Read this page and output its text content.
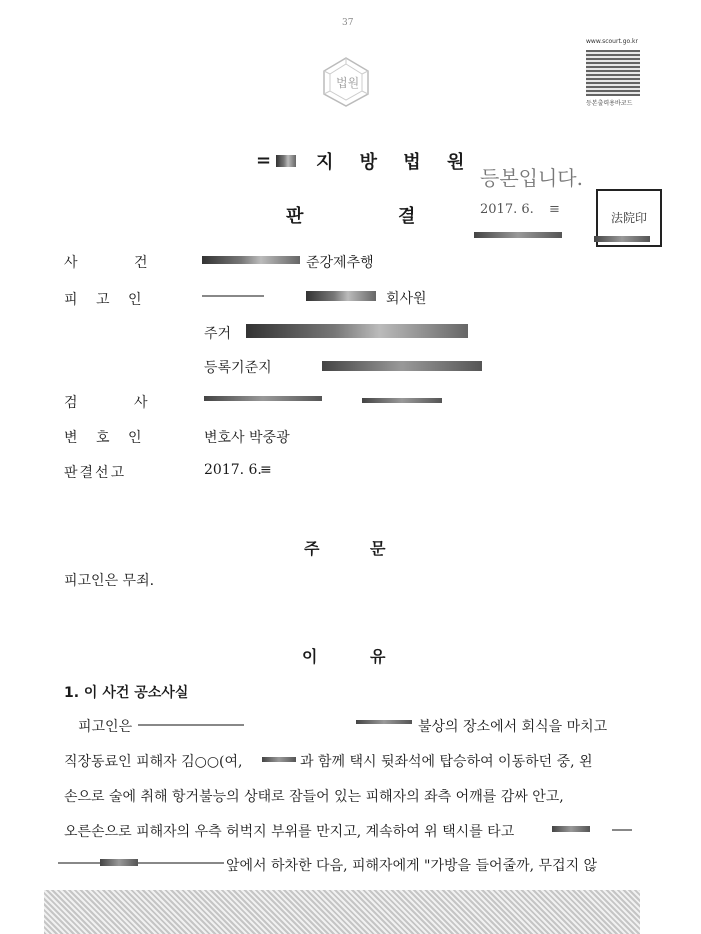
37
www.scourt.go.kr
등본출력용바코드
법원
= 지 방 법 원
등본입니다.
2017. 6. ≡
法院印
판	결
사 건	준강제추행
피 고 인	회사원
주거
등록기준지
검 사
변 호 인	변호사 박중광
판결선고	2017. 6.
≡
주	문
피고인은 무죄.
이	유
1. 이 사건 공소사실
피고인은	불상의 장소에서 회식을 마치고
직장동료인 피해자 김○○(여,	과 함께 택시 뒷좌석에 탑승하여 이동하던 중, 왼
손으로 술에 취해 항거불능의 상태로 잠들어 있는 피해자의 좌측 어깨를 감싸 안고,
오른손으로 피해자의 우측 허벅지 부위를 만지고, 계속하여 위 택시를 타고
앞에서 하차한 다음, 피해자에게 "가방을 들어줄까, 무겁지 않
